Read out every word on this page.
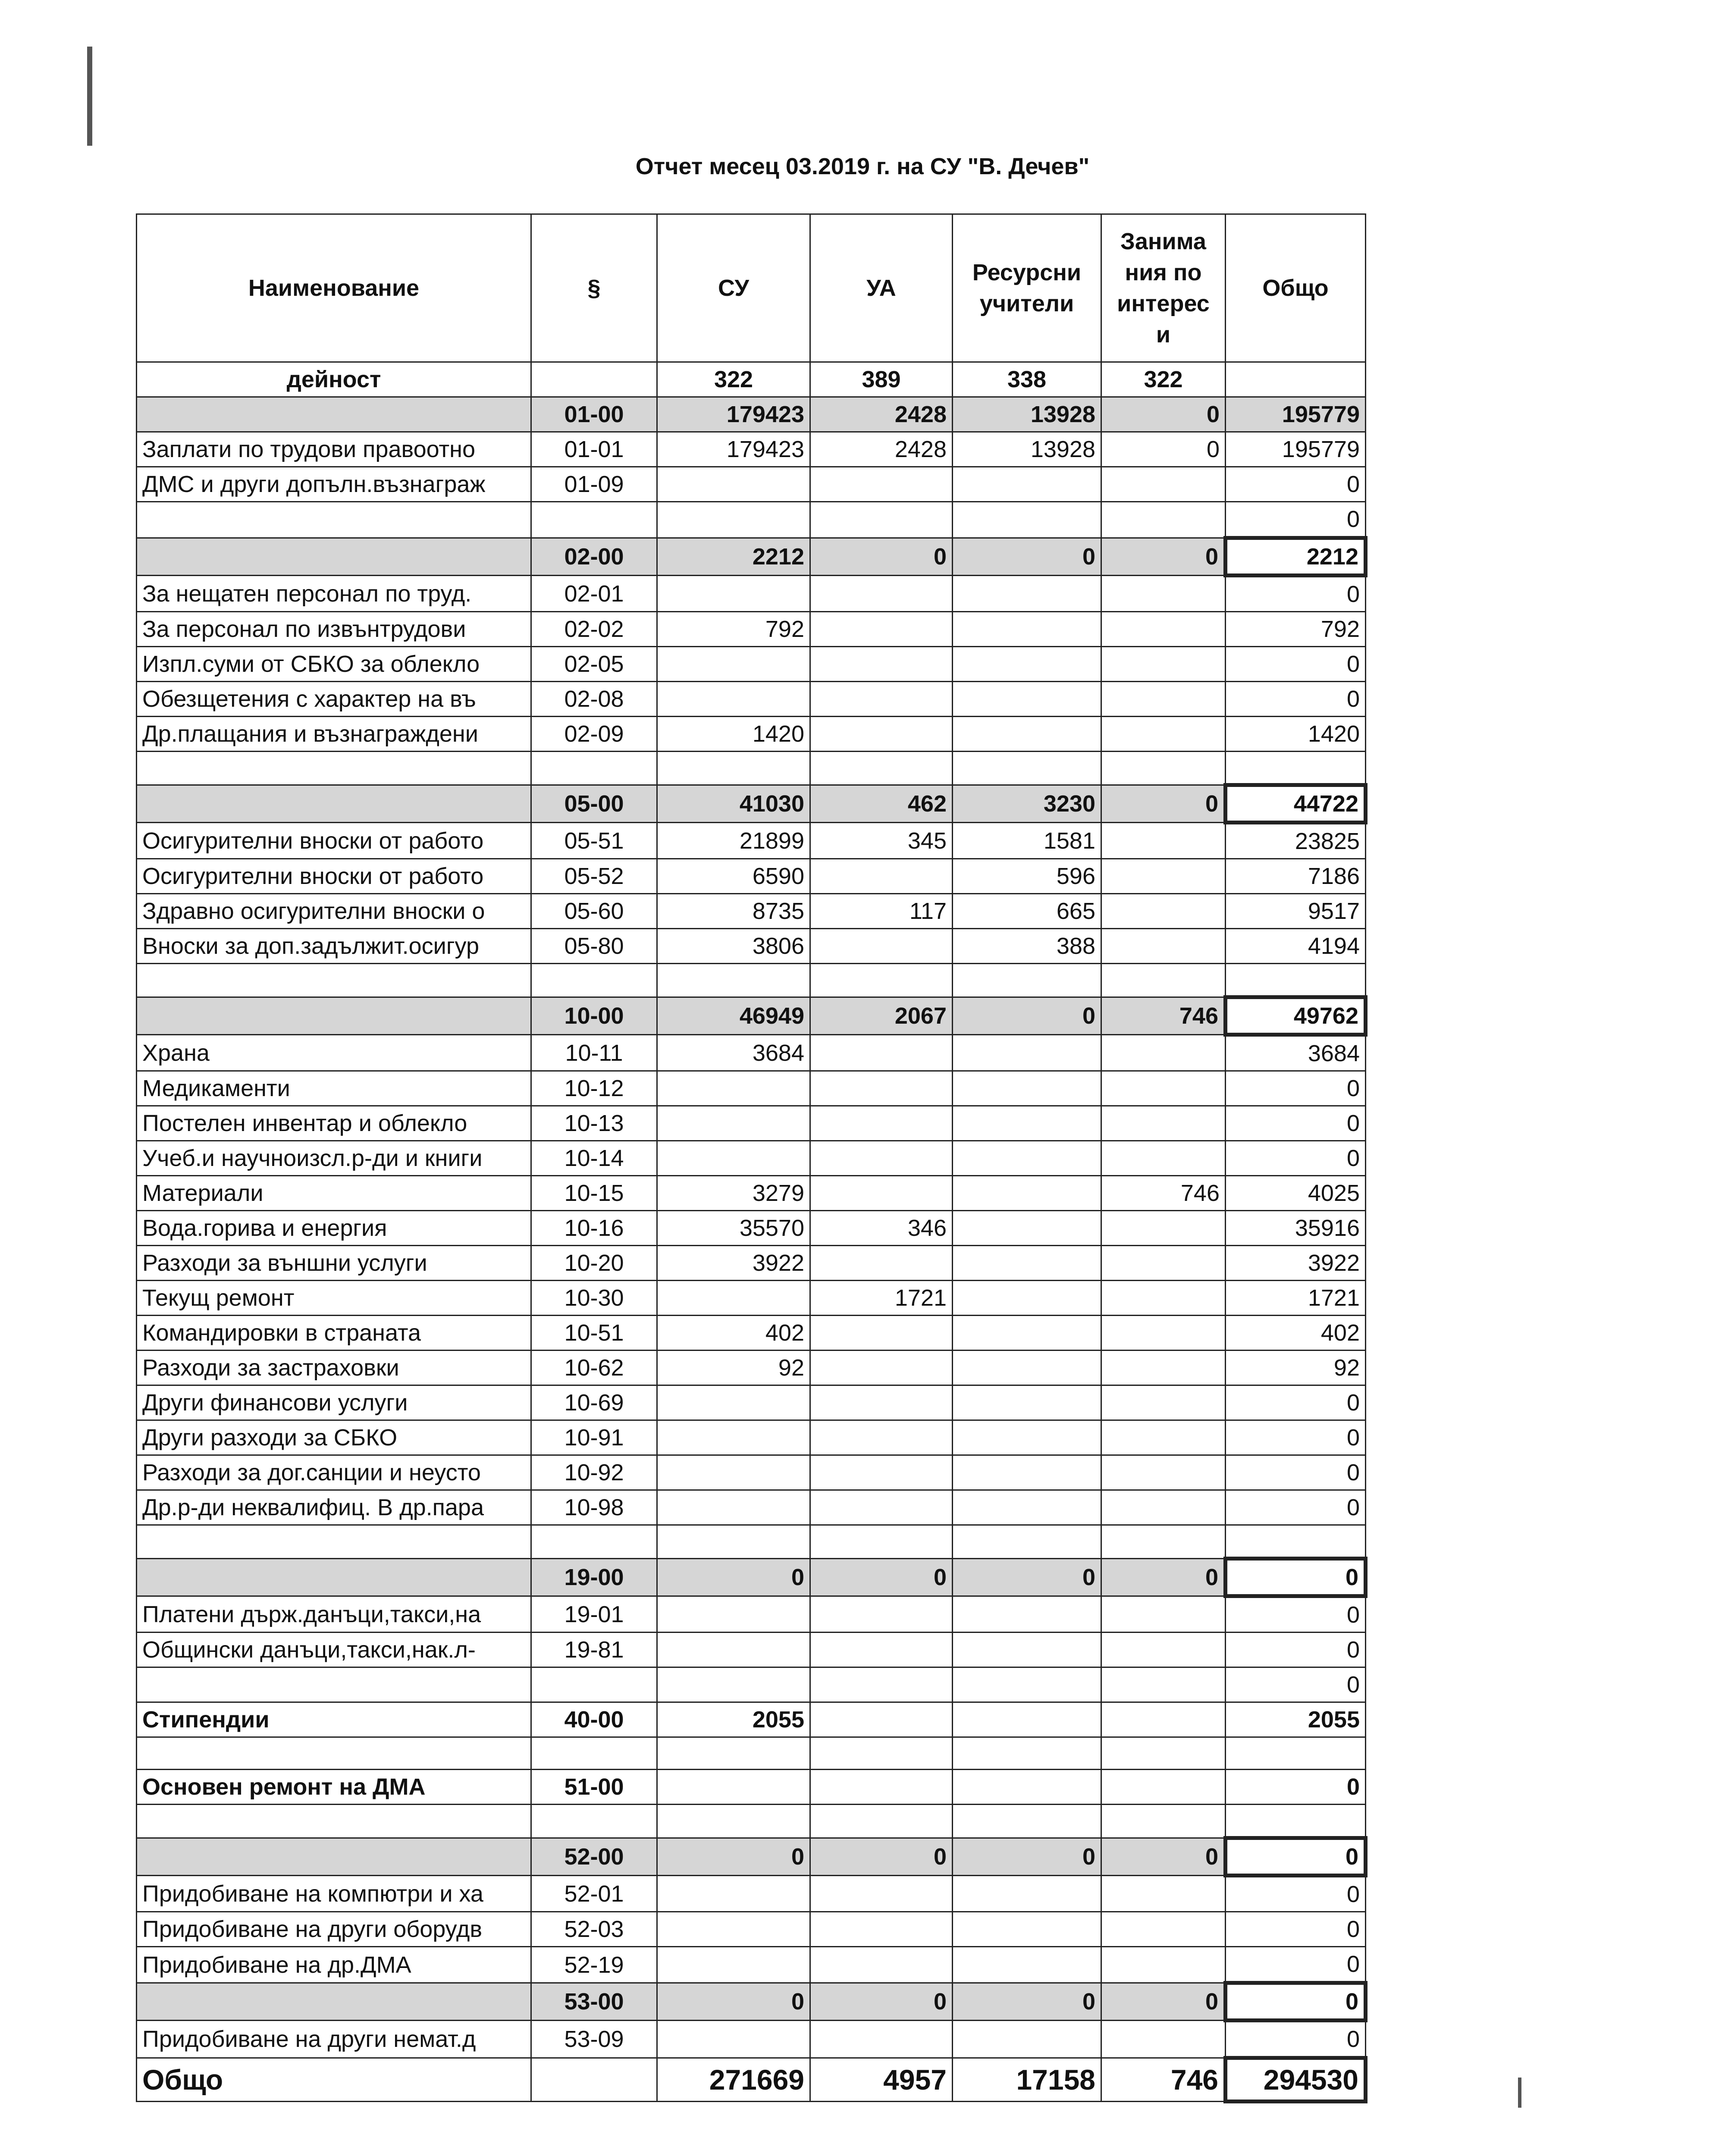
Отчет месец 03.2019 г. на СУ "В. Дечев"
Наименование	§	СУ	УА	Ресурсни учители	Занима ния по интерес и	Общо
дейност		322	389	338	322	
	01-00	179423	2428	13928	0	195779
Заплати по трудови правоотно	01-01	179423	2428	13928	0	195779
ДМС и други допълн.възнаграж	01-09					0
						0
	02-00	2212	0	0	0	2212
За нещатен персонал по труд.	02-01					0
За персонал по извънтрудови	02-02	792				792
Изпл.суми от СБКО за облекло	02-05					0
Обезщетения с характер на въ	02-08					0
Др.плащания и възнаграждени	02-09	1420				1420

	05-00	41030	462	3230	0	44722
Осигурителни вноски от работо	05-51	21899	345	1581		23825
Осигурителни вноски от работо	05-52	6590		596		7186
Здравно осигурителни вноски о	05-60	8735	117	665		9517
Вноски за доп.задължит.осигур	05-80	3806		388		4194

	10-00	46949	2067	0	746	49762
Храна	10-11	3684				3684
Медикаменти	10-12					0
Постелен инвентар и облекло	10-13					0
Учеб.и научноизсл.р-ди и книги	10-14					0
Материали	10-15	3279			746	4025
Вода.горива и енергия	10-16	35570	346			35916
Разходи за външни услуги	10-20	3922				3922
Текущ ремонт	10-30		1721			1721
Командировки в страната	10-51	402				402
Разходи за застраховки	10-62	92				92
Други финансови услуги	10-69					0
Други разходи за СБКО	10-91					0
Разходи за дог.санции и неусто	10-92					0
Др.р-ди неквалифиц. В др.пара	10-98					0

	19-00	0	0	0	0	0
Платени държ.данъци,такси,на	19-01					0
Общински данъци,такси,нак.л-	19-81					0
						0
Стипендии	40-00	2055				2055

Основен ремонт на ДМА	51-00					0

	52-00	0	0	0	0	0
Придобиване на компютри и ха	52-01					0
Придобиване на други оборудв	52-03					0
Придобиване на др.ДМА	52-19					0
	53-00	0	0	0	0	0
Придобиване на други немат.д	53-09					0
Общо		271669	4957	17158	746	294530
